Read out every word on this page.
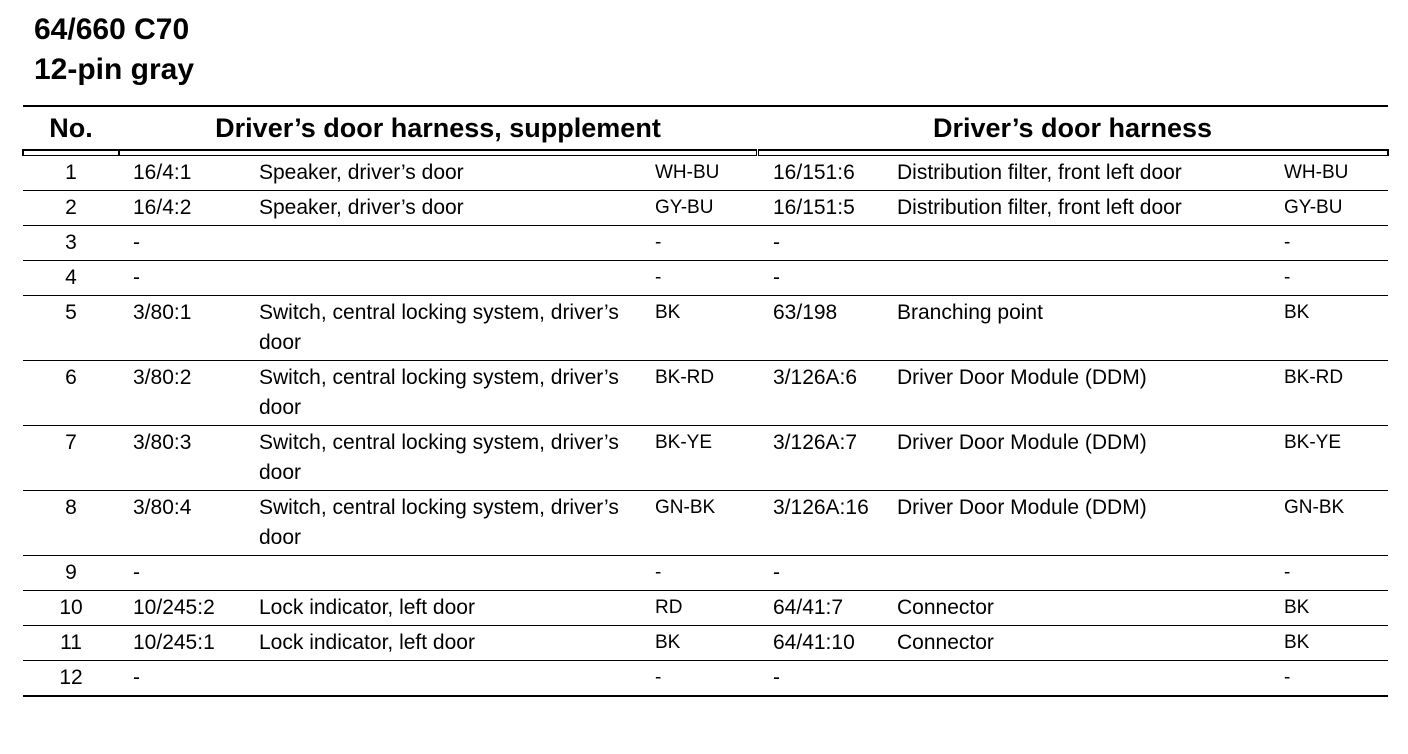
64/660 C70
12-pin gray
No.	Driver’s door harness, supplement			Driver’s door harness		

1	16/4:1	Speaker, driver’s door	WH-BU	16/151:6	Distribution filter, front left door	WH-BU
2	16/4:2	Speaker, driver’s door	GY-BU	16/151:5	Distribution filter, front left door	GY-BU
3	-		-	-		-
4	-		-	-		-
5	3/80:1	Switch, central locking system, driver’s door	BK	63/198	Branching point	BK
6	3/80:2	Switch, central locking system, driver’s door	BK-RD	3/126A:6	Driver Door Module (DDM)	BK-RD
7	3/80:3	Switch, central locking system, driver’s door	BK-YE	3/126A:7	Driver Door Module (DDM)	BK-YE
8	3/80:4	Switch, central locking system, driver’s door	GN-BK	3/126A:16	Driver Door Module (DDM)	GN-BK
9	-		-	-		-
10	10/245:2	Lock indicator, left door	RD	64/41:7	Connector	BK
11	10/245:1	Lock indicator, left door	BK	64/41:10	Connector	BK
12	-		-	-		-
